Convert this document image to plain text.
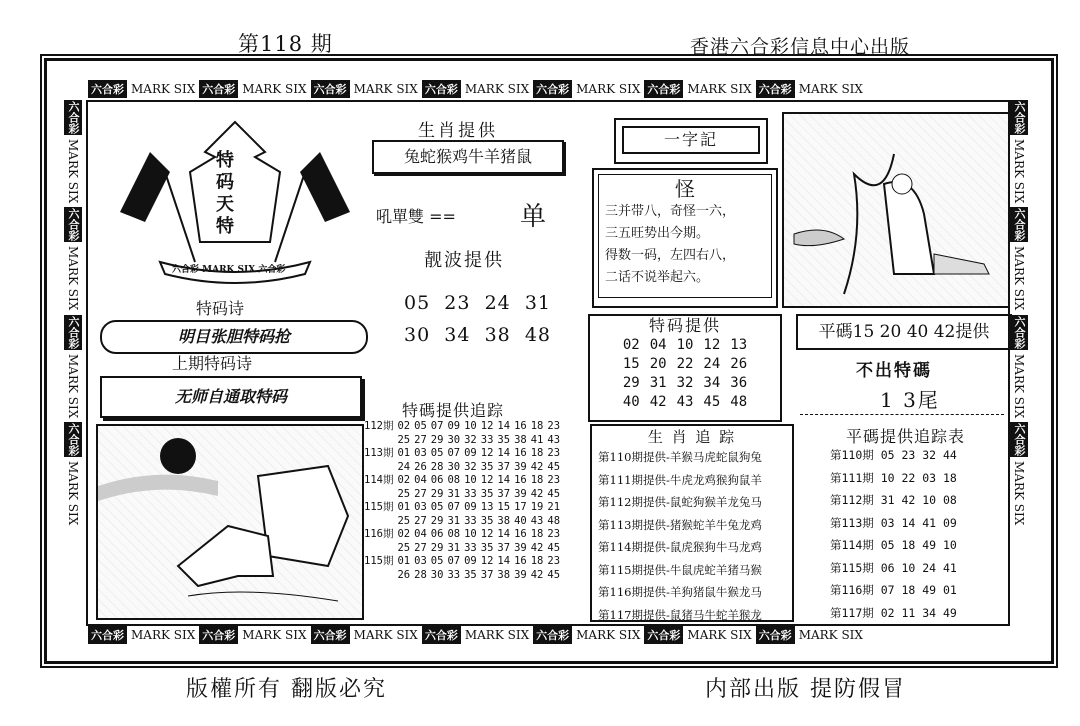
第118 期	香港六合彩信息中心出版
版權所有 翻版必究	内部出版 提防假冒
六合彩 MARK SIX 六合彩 MARK SIX 六合彩 MARK SIX 六合彩 MARK SIX 六合彩 MARK SIX 六合彩 MARK SIX 六合彩 MARK SIX
六合彩 MARK SIX 六合彩 MARK SIX 六合彩 MARK SIX 六合彩 MARK SIX 六合彩 MARK SIX 六合彩 MARK SIX 六合彩 MARK SIX
六合彩
MARK SIX
六合彩
MARK SIX
六合彩
MARK SIX
六合彩
MARK SIX
六合彩
MARK SIX
六合彩
MARK SIX
六合彩
MARK SIX
六合彩
MARK SIX
特
码
天
特
六合彩 MARK SIX 六合彩
特码诗
明目张胆特码抢
上期特码诗
无师自通取特码
生肖提供
兔蛇猴鸡牛羊猪鼠
吼單雙 == 单
靓波提供
05 23 24 31
30 34 38 48
特碼提供追踪
112期	02	05	07	09	10	12	14	16	18	23
	25	27	29	30	32	33	35	38	41	43
113期	01	03	05	07	09	12	14	16	18	23
	24	26	28	30	32	35	37	39	42	45
114期	02	04	06	08	10	12	14	16	18	23
	25	27	29	31	33	35	37	39	42	45
115期	01	03	05	07	09	13	15	17	19	21
	25	27	29	31	33	35	38	40	43	48
116期	02	04	06	08	10	12	14	16	18	23
	25	27	29	31	33	35	37	39	42	45
115期	01	03	05	07	09	12	14	16	18	23
	26	28	30	33	35	37	38	39	42	45
一字記
怪
三并带八，奇怪一六，
三五旺势出今期。
得数一码，左四右八，
二话不说举起六。
特码提供
02	04	10	12	13
15	20	22	24	26
29	31	32	34	36
40	42	43	45	48
生 肖 追 踪
第110期提供-羊猴马虎蛇鼠狗兔
第111期提供-牛虎龙鸡猴狗鼠羊
第112期提供-鼠蛇狗猴羊龙兔马
第113期提供-猪猴蛇羊牛兔龙鸡
第114期提供-鼠虎猴狗牛马龙鸡
第115期提供-牛鼠虎蛇羊猪马猴
第116期提供-羊狗猪鼠牛猴龙马
第117期提供-鼠猪马牛蛇羊猴龙
平碼15 20 40 42提供
不出特碼
1 3尾
平碼提供追踪表
第110期 05 23 32 44
第111期 10 22 03 18
第112期 31 42 10 08
第113期 03 14 41 09
第114期 05 18 49 10
第115期 06 10 24 41
第116期 07 18 49 01
第117期 02 11 34 49
